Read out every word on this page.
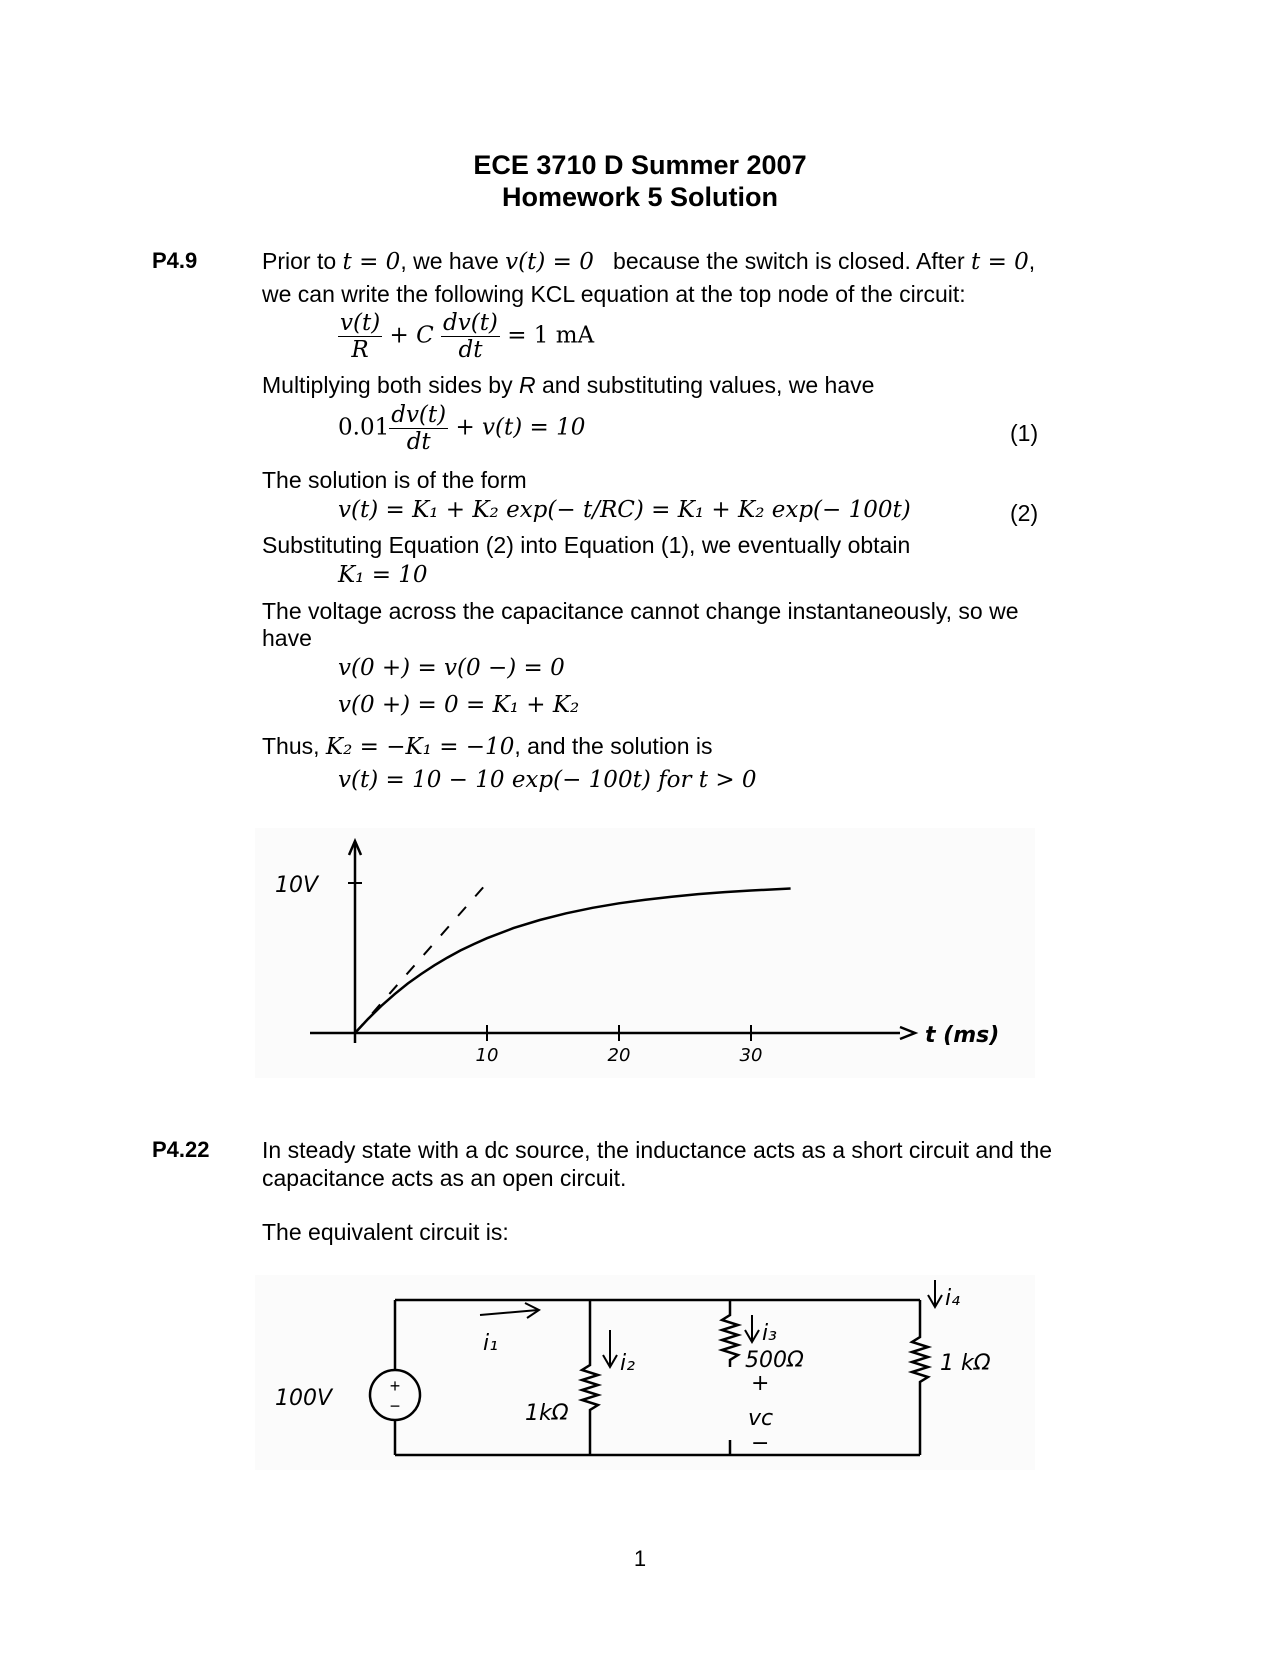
ECE 3710 D Summer 2007
Homework 5 Solution
P4.9	Prior to t = 0, we have v(t) = 0 because the switch is closed. After t = 0,
we can write the following KCL equation at the top node of the circuit:
$\frac{v(t)}{R} + C \frac{dv(t)}{dt} = 1$ mA
Multiplying both sides by R and substituting values, we have
$0.01 \frac{dv(t)}{dt} + v(t) = 10$	(1)
The solution is of the form
v(t) = K₁ + K₂ exp(− t/RC) = K₁ + K₂ exp(− 100t)	(2)
Substituting Equation (2) into Equation (1), we eventually obtain
K₁ = 10
The voltage across the capacitance cannot change instantaneously, so we
have
v(0 +) = v(0 −) = 0
v(0 +) = 0 = K₁ + K₂
Thus, K₂ = −K₁ = −10, and the solution is
v(t) = 10 − 10 exp(− 100t) for t > 0
10V
t (ms)
10	20	30
P4.22 In steady state with a dc source, the inductance acts as a short circuit and the
capacitance acts as an open circuit.
The equivalent circuit is:
+
−
100V
i₁
1kΩ
i₂
i₃
500Ω
+
vc
−
i₄
1 kΩ
1
